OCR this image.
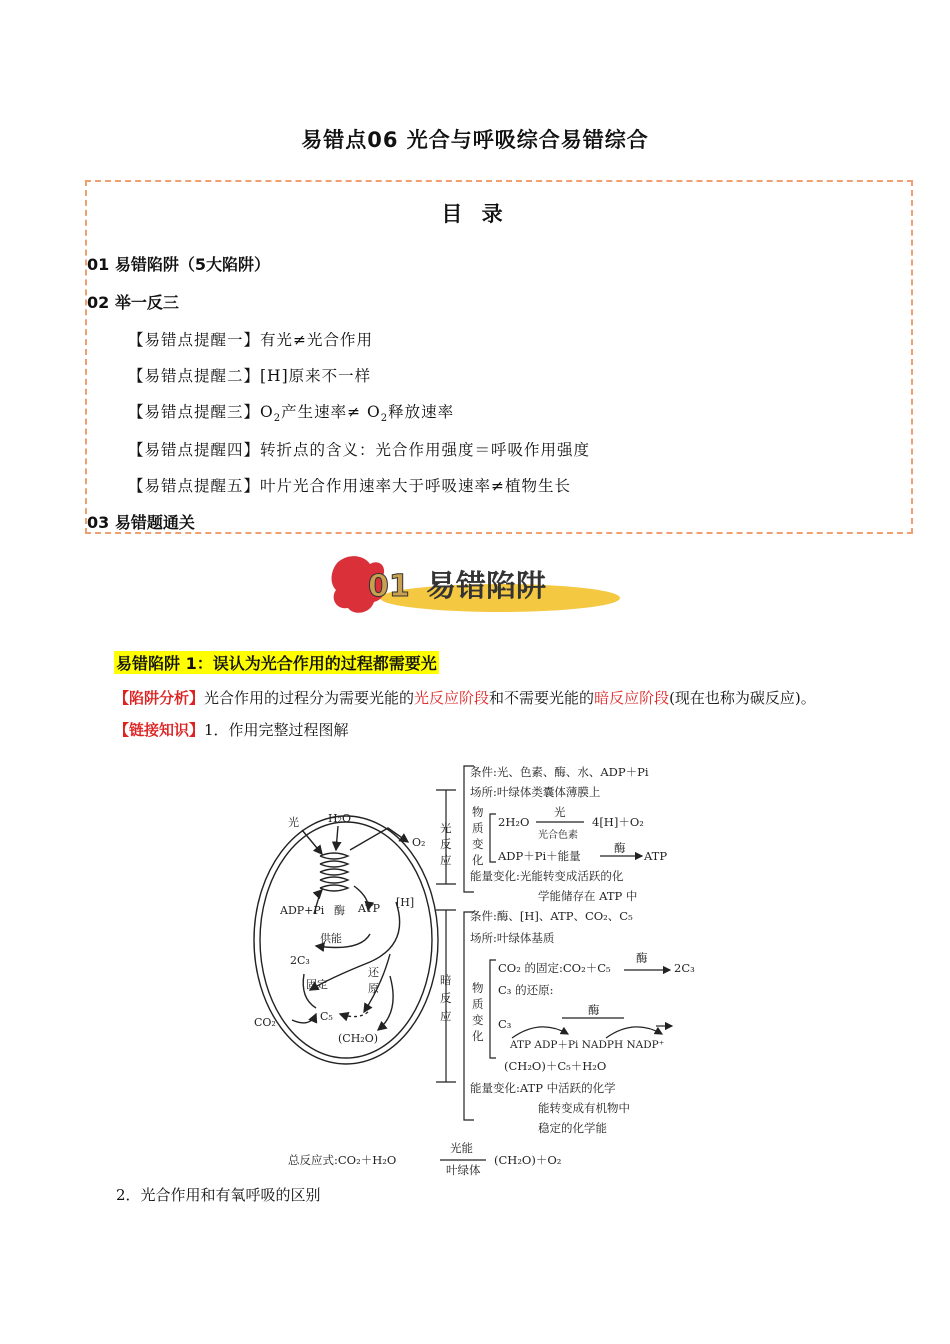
易错点06 光合与呼吸综合易错综合
目 录
01 易错陷阱（5大陷阱）
02 举一反三
【易错点提醒一】有光≠光合作用
【易错点提醒二】[H]原来不一样
【易错点提醒三】$O_2$产生速率≠ $O_2$释放速率
【易错点提醒四】转折点的含义：光合作用强度＝呼吸作用强度
【易错点提醒五】叶片光合作用速率大于呼吸速率≠植物生长
03 易错题通关
01 易错陷阱
易错陷阱 1：误认为光合作用的过程都需要光
【陷阱分析】光合作用的过程分为需要光能的光反应阶段和不需要光能的暗反应阶段(现在也称为碳反应)。
【链接知识】1．作用完整过程图解
光	H₂O
O₂
ADP+Pi 酶 ATP [H]
供能
2C₃
固定
还
原
CO₂	C₅
(CH₂O)
光
反
应
暗
反
应
条件:光、色素、酶、水、ADP＋Pi
场所:叶绿体类囊体薄膜上
物
质
变
化
2H₂O
光
光合色素
4[H]＋O₂
ADP＋Pi＋能量
酶
ATP
能量变化:光能转变成活跃的化
学能储存在 ATP 中
条件:酶、[H]、ATP、CO₂、C₅
场所:叶绿体基质
物
质
变
化
CO₂ 的固定:CO₂＋C₅
酶
2C₃
C₃ 的还原:
C₃
酶
ATP ADP＋Pi NADPH NADP⁺
(CH₂O)＋C₅＋H₂O
能量变化:ATP 中活跃的化学
能转变成有机物中
稳定的化学能
总反应式:CO₂＋H₂O
光能
叶绿体
(CH₂O)＋O₂
2．光合作用和有氧呼吸的区别
